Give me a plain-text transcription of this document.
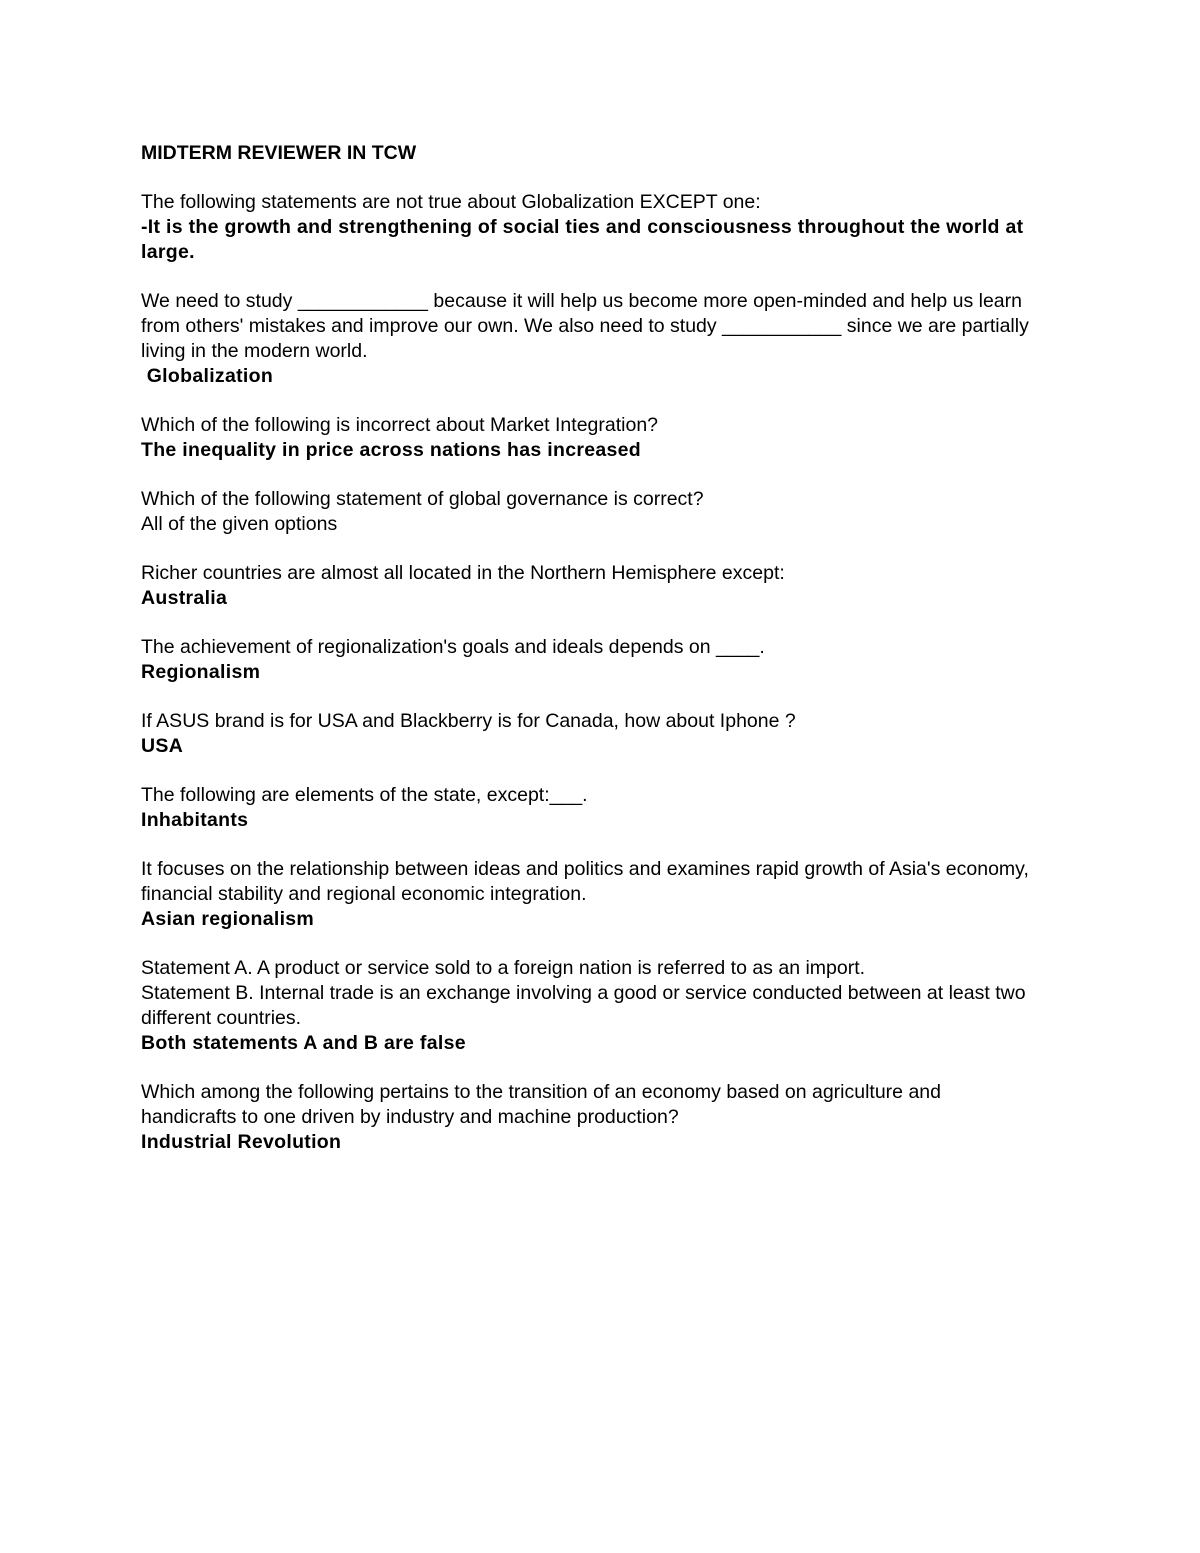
MIDTERM REVIEWER IN TCW
The following statements are not true about Globalization EXCEPT one:
-It is the growth and strengthening of social ties and consciousness throughout the world at large.
We need to study ____________ because it will help us become more open-minded and help us learn from others' mistakes and improve our own. We also need to study ___________ since we are partially living in the modern world.
Globalization
Which of the following is incorrect about Market Integration?
The inequality in price across nations has increased
Which of the following statement of global governance is correct?
All of the given options
Richer countries are almost all located in the Northern Hemisphere except:
Australia
The achievement of regionalization's goals and ideals depends on ____.
Regionalism
If ASUS brand is for USA and Blackberry is for Canada, how about Iphone ?
USA
The following are elements of the state, except:___.
Inhabitants
It focuses on the relationship between ideas and politics and examines rapid growth of Asia's economy, financial stability and regional economic integration.
Asian regionalism
Statement A. A product or service sold to a foreign nation is referred to as an import.
Statement B. Internal trade is an exchange involving a good or service conducted between at least two different countries.
Both statements A and B are false
Which among the following pertains to the transition of an economy based on agriculture and handicrafts to one driven by industry and machine production?
Industrial Revolution
